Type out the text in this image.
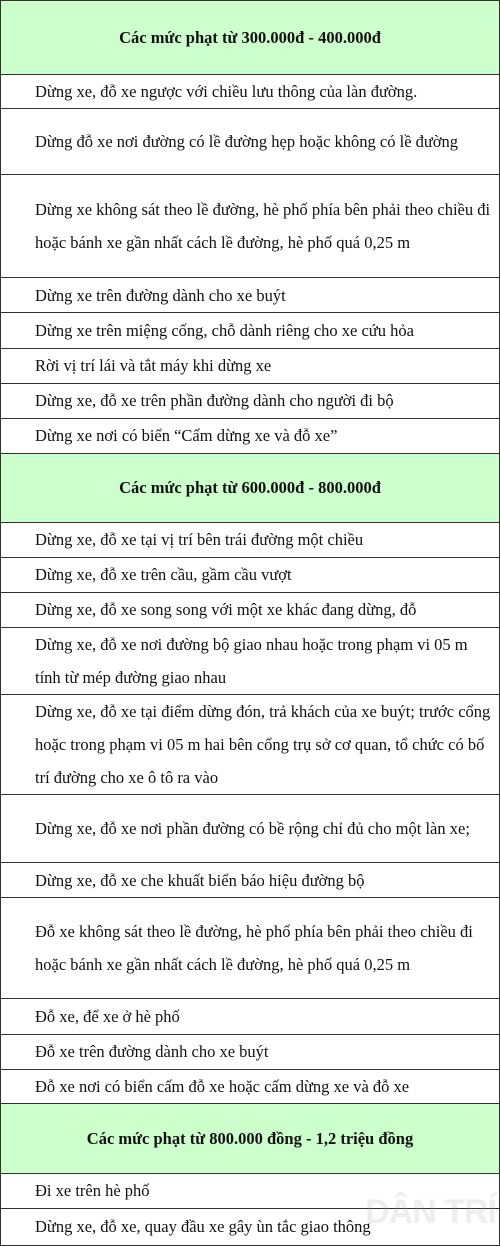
Các mức phạt từ 300.000đ - 400.000đ
Dừng xe, đỗ xe ngược với chiều lưu thông của làn đường.
Dừng đỗ xe nơi đường có lề đường hẹp hoặc không có lề đường
Dừng xe không sát theo lề đường, hè phố phía bên phải theo chiều đi hoặc bánh xe gần nhất cách lề đường, hè phố quá 0,25 m
Dừng xe trên đường dành cho xe buýt
Dừng xe trên miệng cống, chỗ dành riêng cho xe cứu hỏa
Rời vị trí lái và tắt máy khi dừng xe
Dừng xe, đỗ xe trên phần đường dành cho người đi bộ
Dừng xe nơi có biển “Cấm dừng xe và đỗ xe”
Các mức phạt từ 600.000đ - 800.000đ
Dừng xe, đỗ xe tại vị trí bên trái đường một chiều
Dừng xe, đỗ xe trên cầu, gầm cầu vượt
Dừng xe, đỗ xe song song với một xe khác đang dừng, đỗ
Dừng xe, đỗ xe nơi đường bộ giao nhau hoặc trong phạm vi 05 m tính từ mép đường giao nhau
Dừng xe, đỗ xe tại điểm dừng đón, trả khách của xe buýt; trước cổng hoặc trong phạm vi 05 m hai bên cổng trụ sở cơ quan, tổ chức có bố trí đường cho xe ô tô ra vào
Dừng xe, đỗ xe nơi phần đường có bề rộng chỉ đủ cho một làn xe;
Dừng xe, đỗ xe che khuất biển báo hiệu đường bộ
Đỗ xe không sát theo lề đường, hè phố phía bên phải theo chiều đi hoặc bánh xe gần nhất cách lề đường, hè phố quá 0,25 m
Đỗ xe, để xe ở hè phố
Đỗ xe trên đường dành cho xe buýt
Đỗ xe nơi có biển cấm đỗ xe hoặc cấm dừng xe và đỗ xe
Các mức phạt từ 800.000 đồng - 1,2 triệu đồng
Đi xe trên hè phố
Dừng xe, đỗ xe, quay đầu xe gây ùn tắc giao thông
DÂN TRÍ
